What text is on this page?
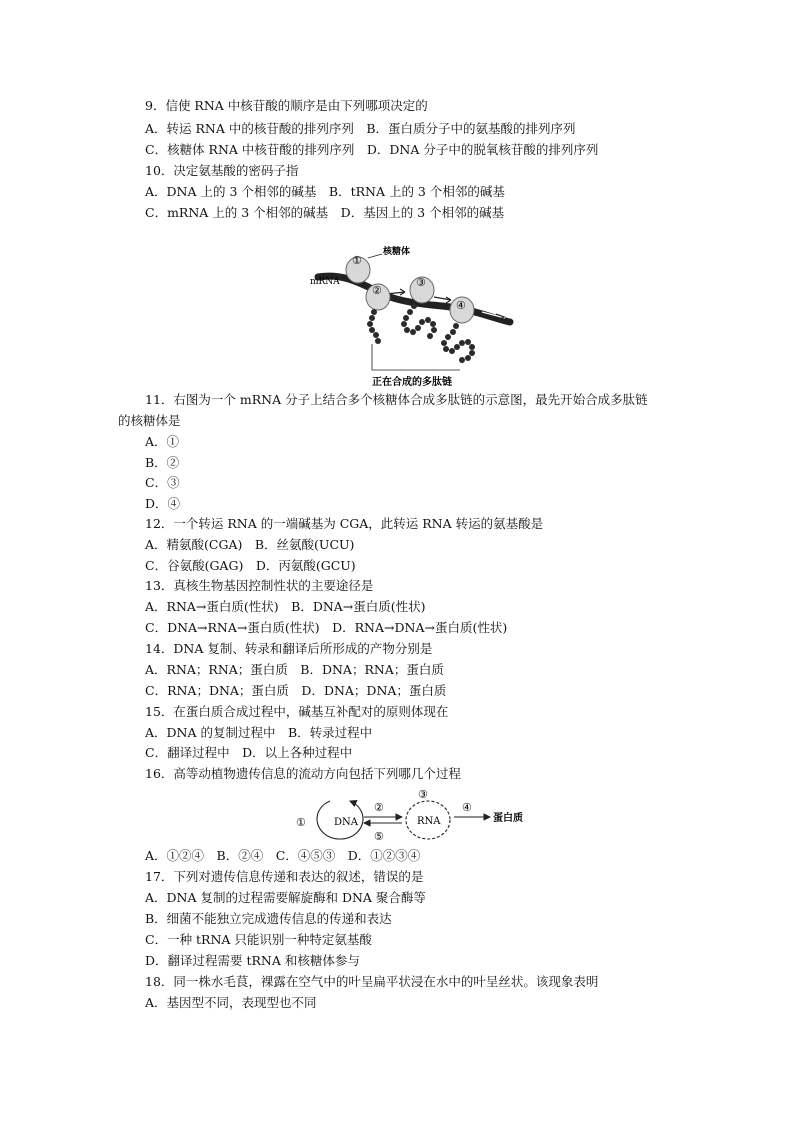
9．信使 RNA 中核苷酸的顺序是由下列哪项决定的
A．转运 RNA 中的核苷酸的排列序列　B．蛋白质分子中的氨基酸的排列序列
C．核糖体 RNA 中核苷酸的排列序列　D．DNA 分子中的脱氧核苷酸的排列序列
10．决定氨基酸的密码子指
A．DNA 上的 3 个相邻的碱基　B．tRNA 上的 3 个相邻的碱基
C．mRNA 上的 3 个相邻的碱基　D．基因上的 3 个相邻的碱基
①
②
③
④
核糖体
mRNA
正在合成的多肽链
11．右图为一个 mRNA 分子上结合多个核糖体合成多肽链的示意图，最先开始合成多肽链
的核糖体是
A．①
B．②
C．③
D．④
12．一个转运 RNA 的一端碱基为 CGA，此转运 RNA 转运的氨基酸是
A．精氨酸(CGA)　B．丝氨酸(UCU)
C．谷氨酸(GAG)　D．丙氨酸(GCU)
13．真核生物基因控制性状的主要途径是
A．RNA→蛋白质(性状)　B．DNA→蛋白质(性状)
C．DNA→RNA→蛋白质(性状)　D．RNA→DNA→蛋白质(性状)
14．DNA 复制、转录和翻译后所形成的产物分别是
A．RNA；RNA；蛋白质　B．DNA；RNA；蛋白质
C．RNA；DNA；蛋白质　D．DNA；DNA；蛋白质
15．在蛋白质合成过程中，碱基互补配对的原则体现在
A．DNA 的复制过程中　B．转录过程中
C．翻译过程中　D．以上各种过程中
16．高等动植物遗传信息的流动方向包括下列哪几个过程
①	DNA
②
⑤
③
RNA
④
蛋白质
A．①②④　B．②④　C．④⑤③　D．①②③④
17．下列对遗传信息传递和表达的叙述，错误的是
A．DNA 复制的过程需要解旋酶和 DNA 聚合酶等
B．细菌不能独立完成遗传信息的传递和表达
C．一种 tRNA 只能识别一种特定氨基酸
D．翻译过程需要 tRNA 和核糖体参与
18．同一株水毛茛，裸露在空气中的叶呈扁平状浸在水中的叶呈丝状。该现象表明
A．基因型不同，表现型也不同
